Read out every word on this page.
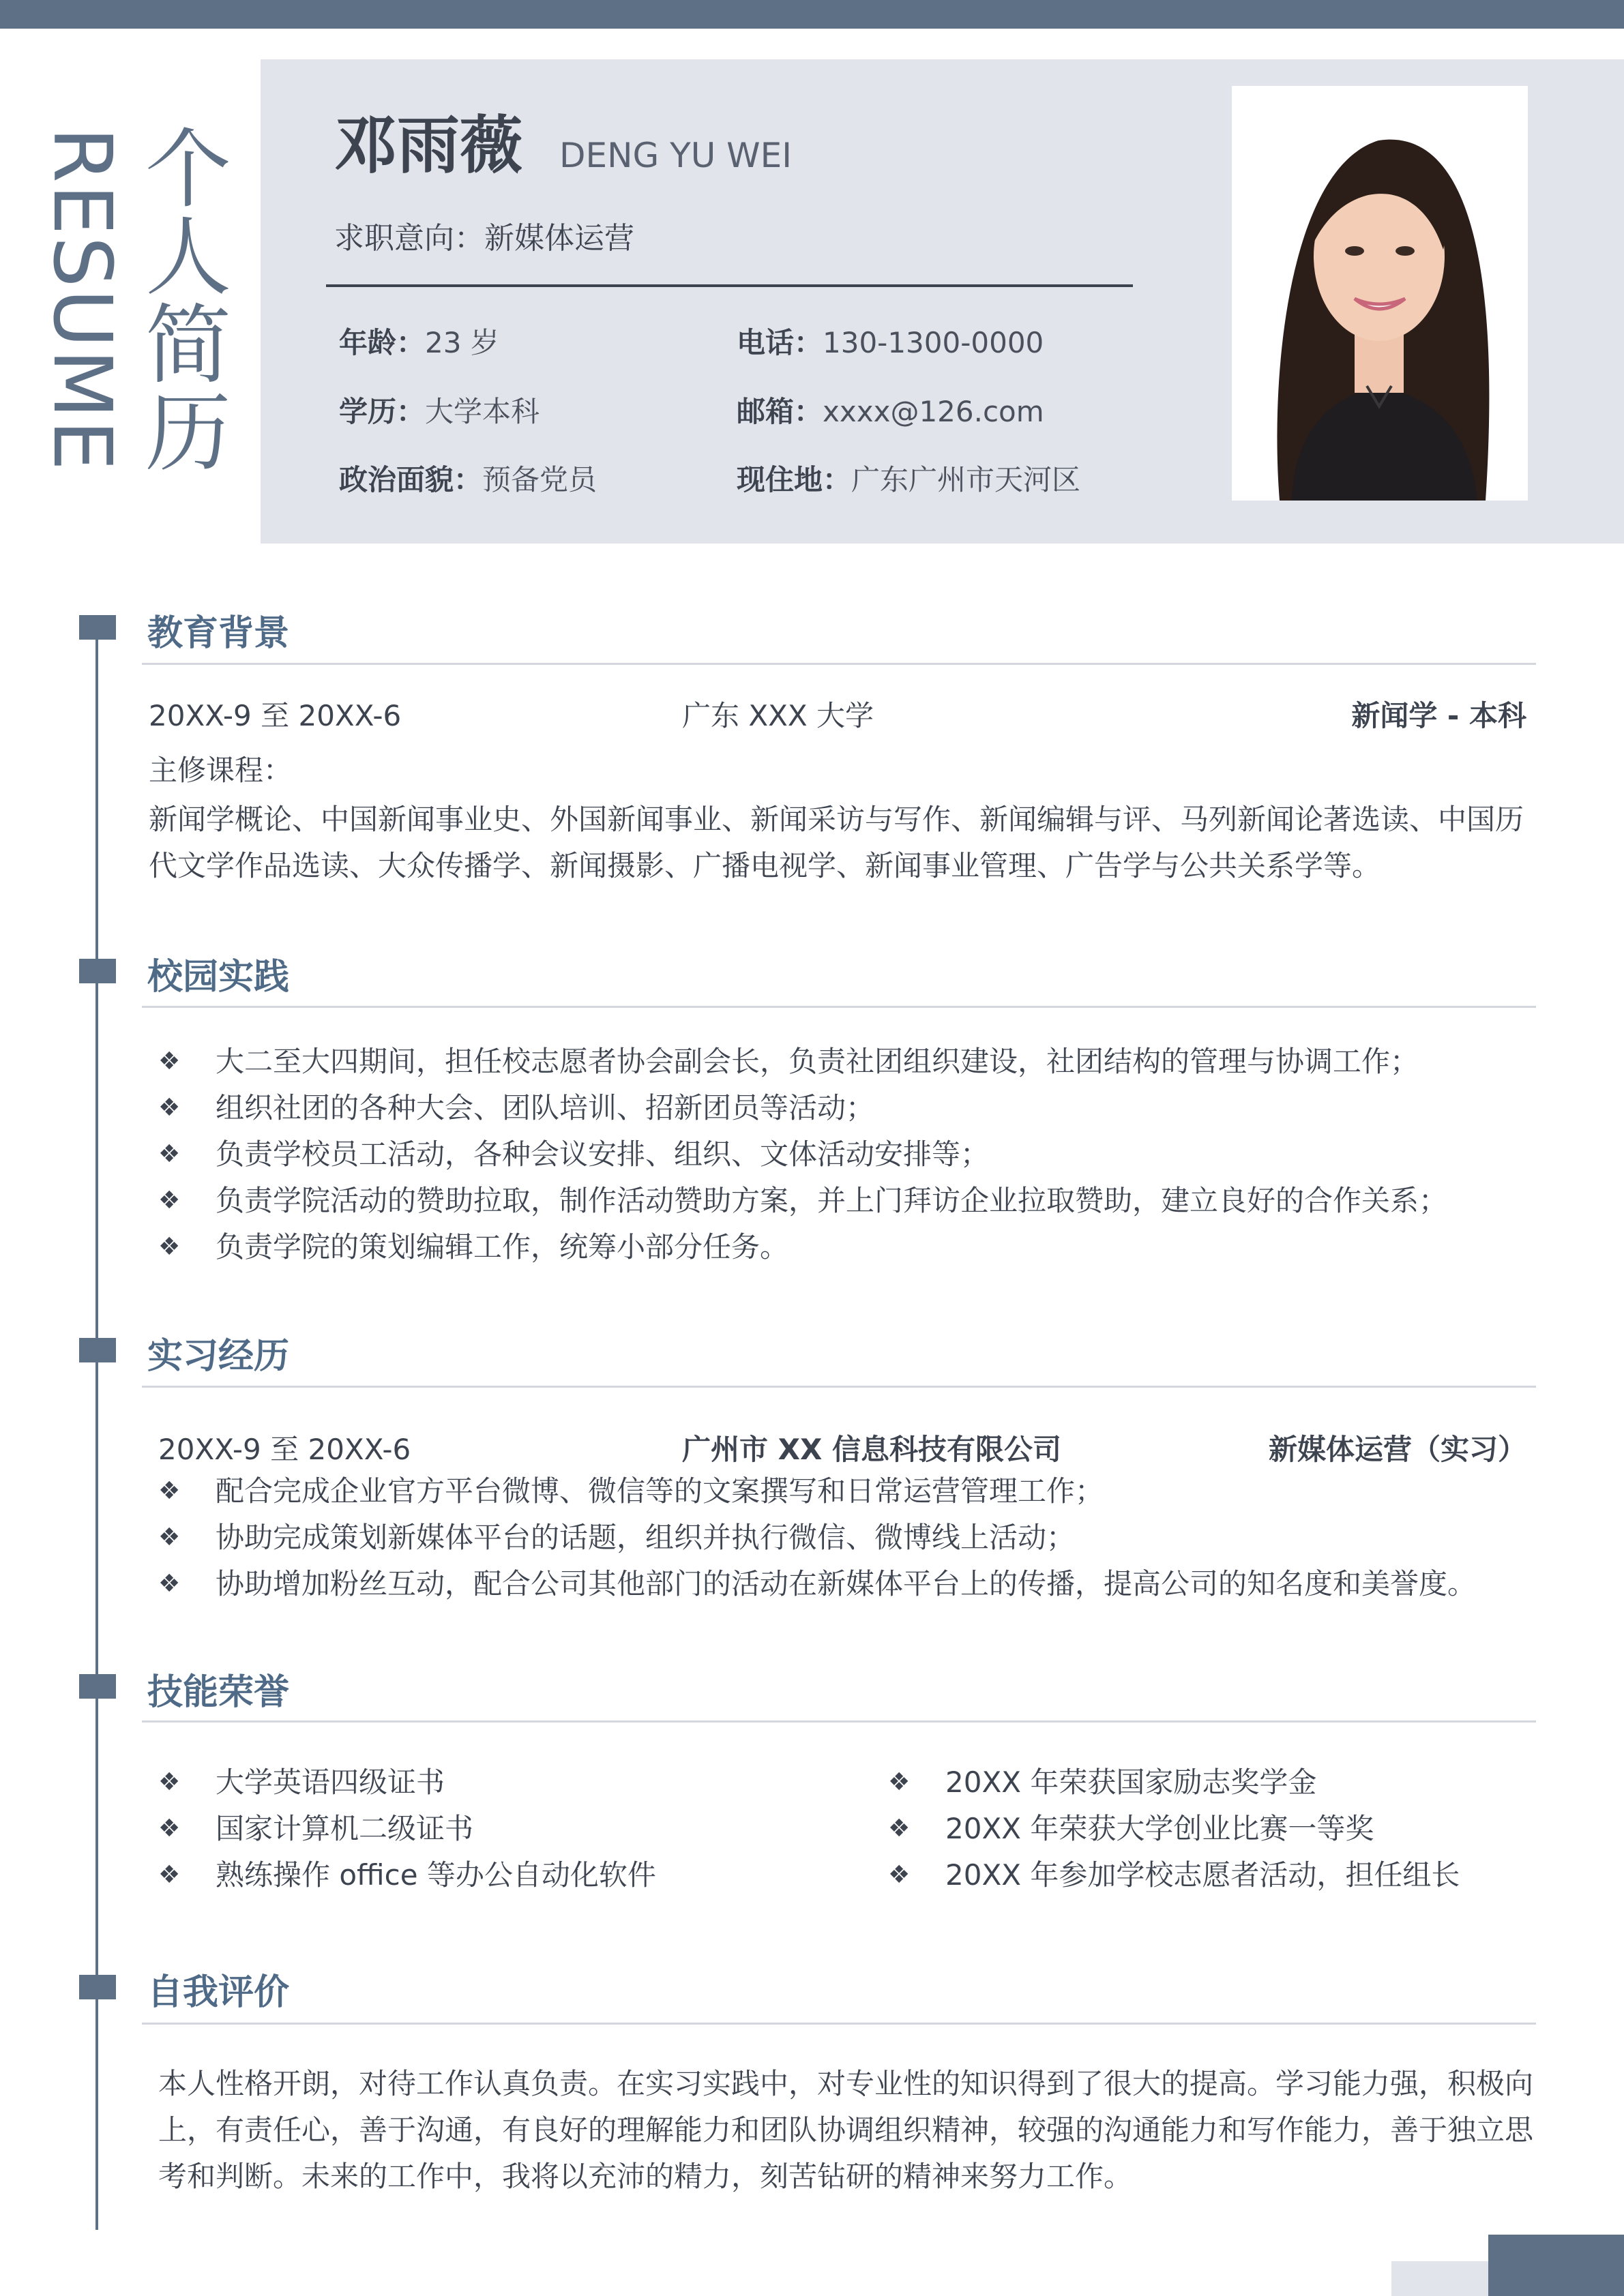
RESUME 个
人
简
历
邓雨薇 DENG YU WEI
求职意向：新媒体运营
年龄：23 岁	电话：130-1300-0000
学历：大学本科	邮箱：xxxx@126.com
政治面貌：预备党员	现住地：广东广州市天河区
教育背景
20XX-9 至 20XX-6	广东 XXX 大学	新闻学 - 本科
主修课程：
新闻学概论、中国新闻事业史、外国新闻事业、新闻采访与写作、新闻编辑与评、马列新闻论著选读、中国历代文学作品选读、大众传播学、新闻摄影、广播电视学、新闻事业管理、广告学与公共关系学等。
校园实践
❖ 大二至大四期间，担任校志愿者协会副会长，负责社团组织建设，社团结构的管理与协调工作；
❖ 组织社团的各种大会、团队培训、招新团员等活动；
❖ 负责学校员工活动，各种会议安排、组织、文体活动安排等；
❖ 负责学院活动的赞助拉取，制作活动赞助方案，并上门拜访企业拉取赞助，建立良好的合作关系；
❖ 负责学院的策划编辑工作，统筹小部分任务。
实习经历
20XX-9 至 20XX-6	广州市 XX 信息科技有限公司	新媒体运营（实习）
❖ 配合完成企业官方平台微博、微信等的文案撰写和日常运营管理工作；
❖ 协助完成策划新媒体平台的话题，组织并执行微信、微博线上活动；
❖ 协助增加粉丝互动，配合公司其他部门的活动在新媒体平台上的传播，提高公司的知名度和美誉度。
技能荣誉
❖ 大学英语四级证书
❖ 国家计算机二级证书
❖ 熟练操作 office 等办公自动化软件
❖ 20XX 年荣获国家励志奖学金
❖ 20XX 年荣获大学创业比赛一等奖
❖ 20XX 年参加学校志愿者活动，担任组长
自我评价
本人性格开朗，对待工作认真负责。在实习实践中，对专业性的知识得到了很大的提高。学习能力强，积极向上，有责任心，善于沟通，有良好的理解能力和团队协调组织精神，较强的沟通能力和写作能力，善于独立思考和判断。未来的工作中，我将以充沛的精力，刻苦钻研的精神来努力工作。
